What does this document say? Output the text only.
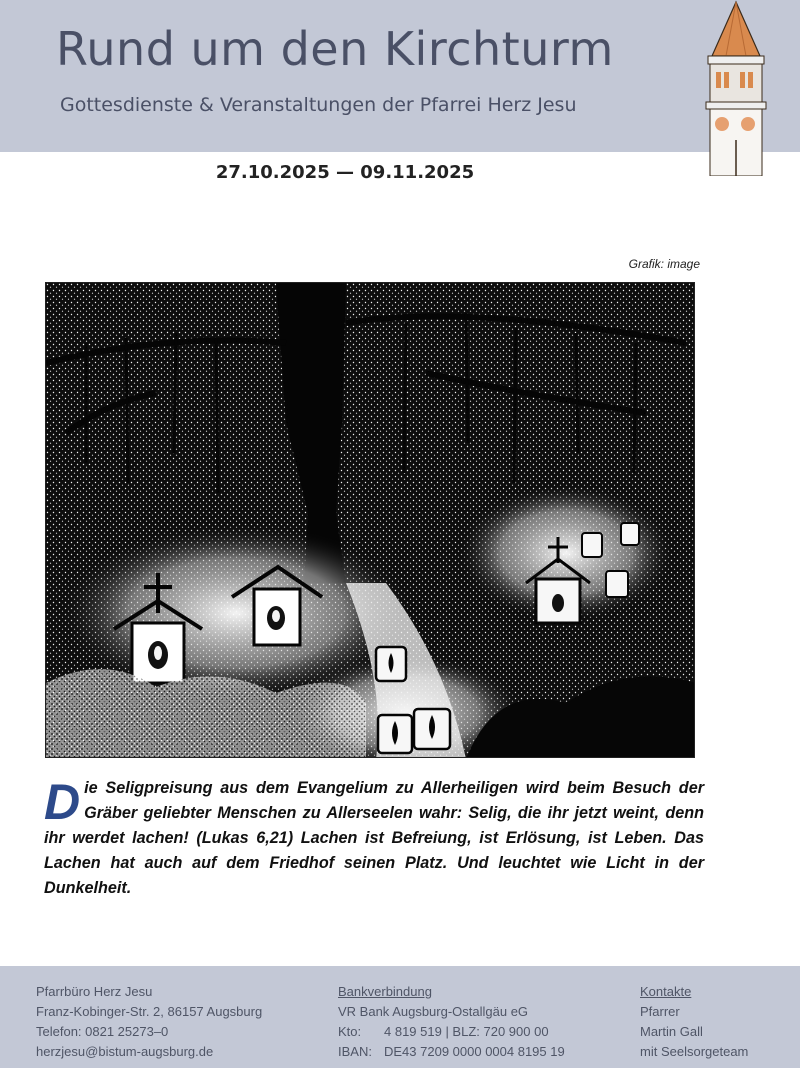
Rund um den Kirchturm
Gottesdienste & Veranstaltungen der Pfarrei Herz Jesu
27.10.2025 — 09.11.2025
Grafik: image
Die Seligpreisung aus dem Evangelium zu Allerheiligen wird beim Besuch der Gräber geliebter Menschen zu Allerseelen wahr: Selig, die ihr jetzt weint, denn ihr werdet lachen! (Lukas 6,21) Lachen ist Befreiung, ist Erlösung, ist Leben. Das Lachen hat auch auf dem Friedhof seinen Platz. Und leuchtet wie Licht in der Dunkelheit.
Pfarrbüro Herz Jesu
Franz-Kobinger-Str. 2, 86157 Augsburg
Telefon: 0821 25273–0
herzjesu@bistum-augsburg.de
Bankverbindung
VR Bank Augsburg-Ostallgäu eG
Kto: 4 819 519 | BLZ: 720 900 00
IBAN: DE43 7209 0000 0004 8195 19
Kontakte
Pfarrer
Martin Gall
mit Seelsorgeteam
